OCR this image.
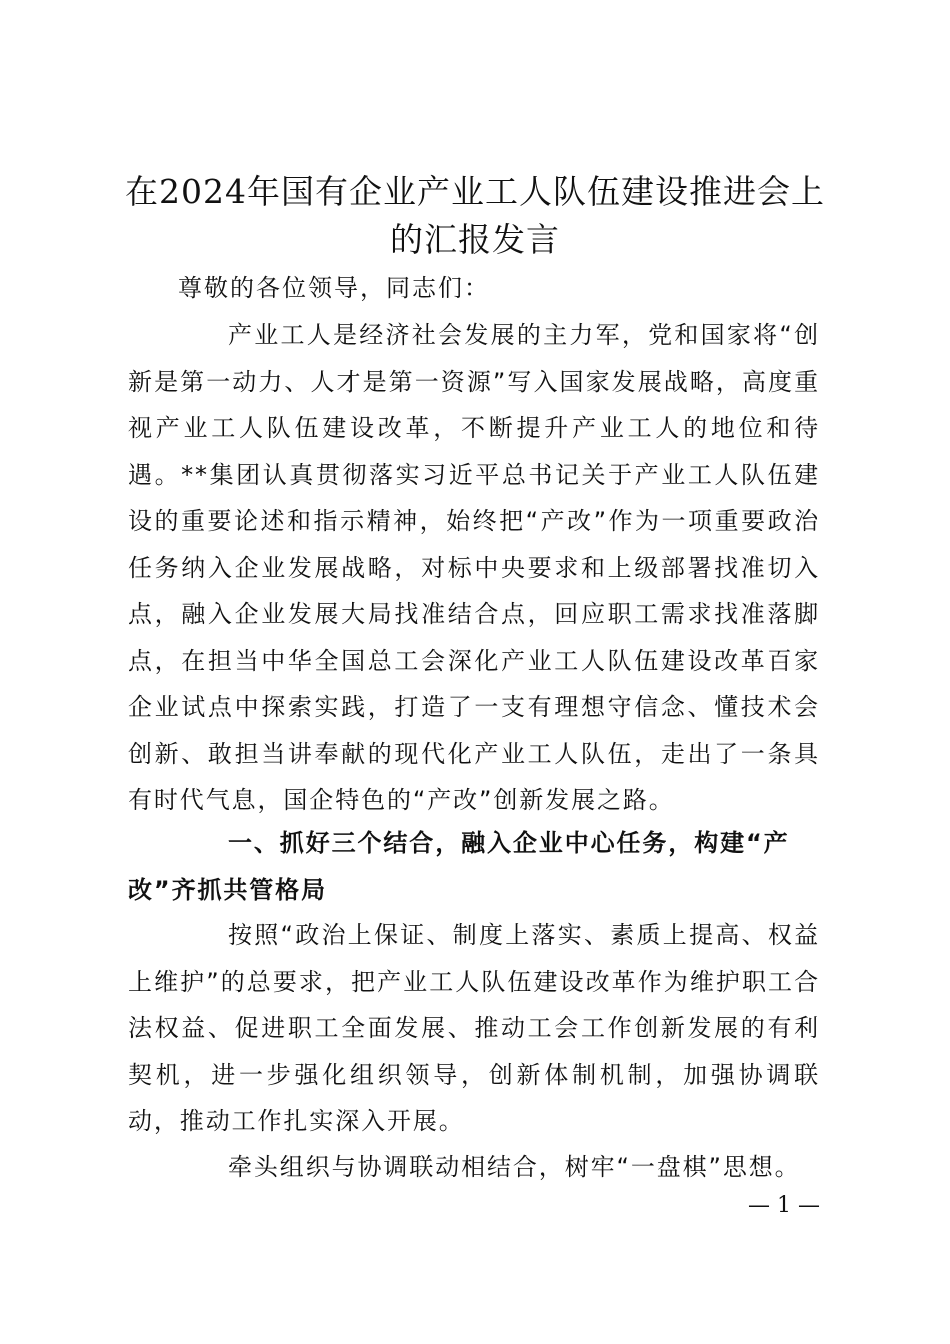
在2024年国有企业产业工人队伍建设推进会上的汇报发言

尊敬的各位领导，同志们：

产业工人是经济社会发展的主力军，党和国家将“创新是第一动力、人才是第一资源”写入国家发展战略，高度重视产业工人队伍建设改革，不断提升产业工人的地位和待遇。**集团认真贯彻落实习近平总书记关于产业工人队伍建设的重要论述和指示精神，始终把“产改”作为一项重要政治任务纳入企业发展战略，对标中央要求和上级部署找准切入点，融入企业发展大局找准结合点，回应职工需求找准落脚点，在担当中华全国总工会深化产业工人队伍建设改革百家企业试点中探索实践，打造了一支有理想守信念、懂技术会创新、敢担当讲奉献的现代化产业工人队伍，走出了一条具有时代气息，国企特色的“产改”创新发展之路。

一、抓好三个结合，融入企业中心任务，构建“产改”齐抓共管格局

按照“政治上保证、制度上落实、素质上提高、权益上维护”的总要求，把产业工人队伍建设改革作为维护职工合法权益、促进职工全面发展、推动工会工作创新发展的有利契机，进一步强化组织领导，创新体制机制，加强协调联动，推动工作扎实深入开展。

牵头组织与协调联动相结合，树牢“一盘棋”思想。

— 1 —
